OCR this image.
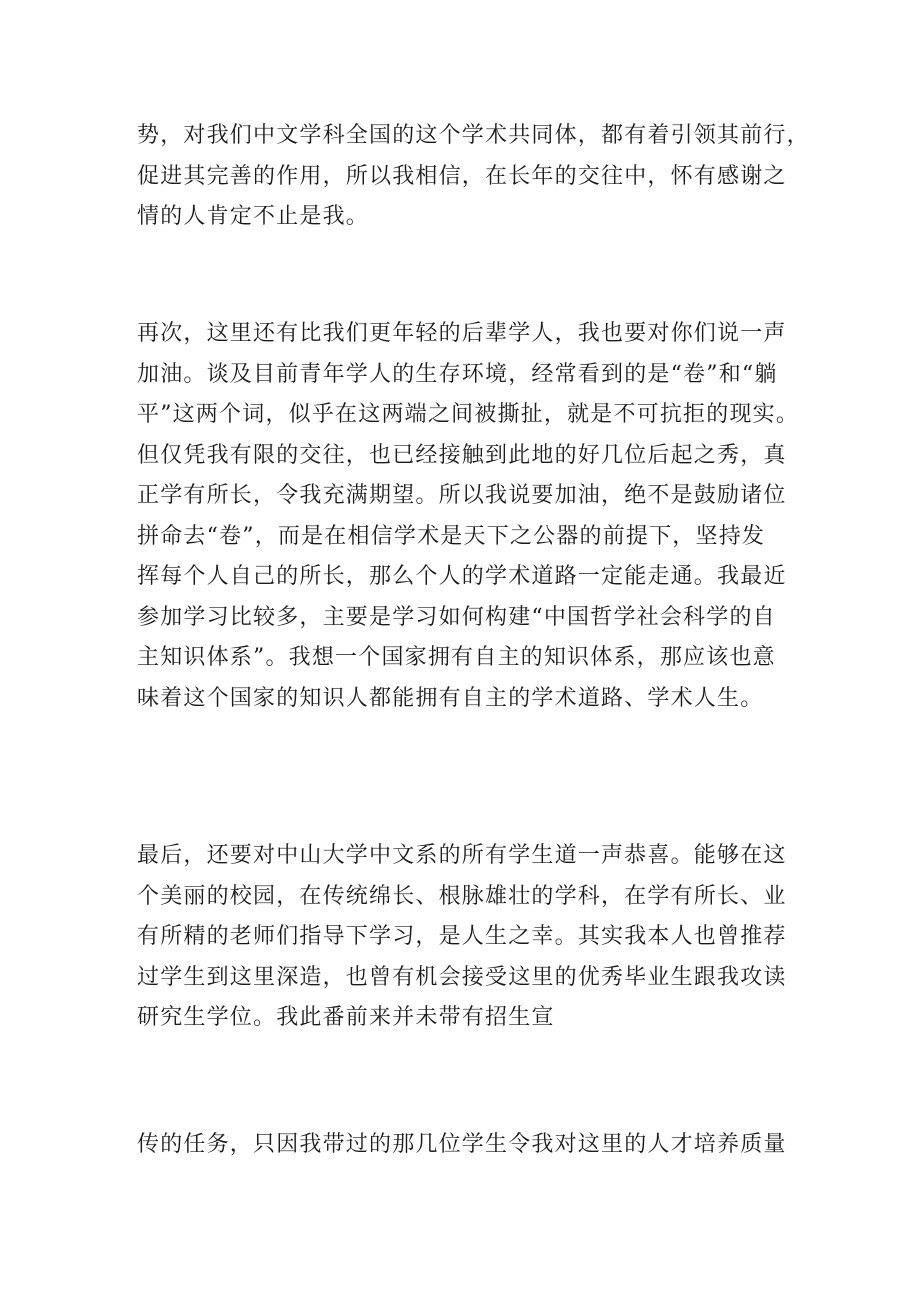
势，对我们中文学科全国的这个学术共同体，都有着引领其前行，
促进其完善的作用，所以我相信，在长年的交往中，怀有感谢之
情的人肯定不止是我。

再次，这里还有比我们更年轻的后辈学人，我也要对你们说一声
加油。谈及目前青年学人的生存环境，经常看到的是“卷”和“躺
平”这两个词，似乎在这两端之间被撕扯，就是不可抗拒的现实。
但仅凭我有限的交往，也已经接触到此地的好几位后起之秀，真
正学有所长，令我充满期望。所以我说要加油，绝不是鼓励诸位
拼命去“卷”，而是在相信学术是天下之公器的前提下，坚持发
挥每个人自己的所长，那么个人的学术道路一定能走通。我最近
参加学习比较多，主要是学习如何构建“中国哲学社会科学的自
主知识体系”。我想一个国家拥有自主的知识体系，那应该也意
味着这个国家的知识人都能拥有自主的学术道路、学术人生。

最后，还要对中山大学中文系的所有学生道一声恭喜。能够在这
个美丽的校园，在传统绵长、根脉雄壮的学科，在学有所长、业
有所精的老师们指导下学习，是人生之幸。其实我本人也曾推荐
过学生到这里深造，也曾有机会接受这里的优秀毕业生跟我攻读
研究生学位。我此番前来并未带有招生宣

传的任务，只因我带过的那几位学生令我对这里的人才培养质量
